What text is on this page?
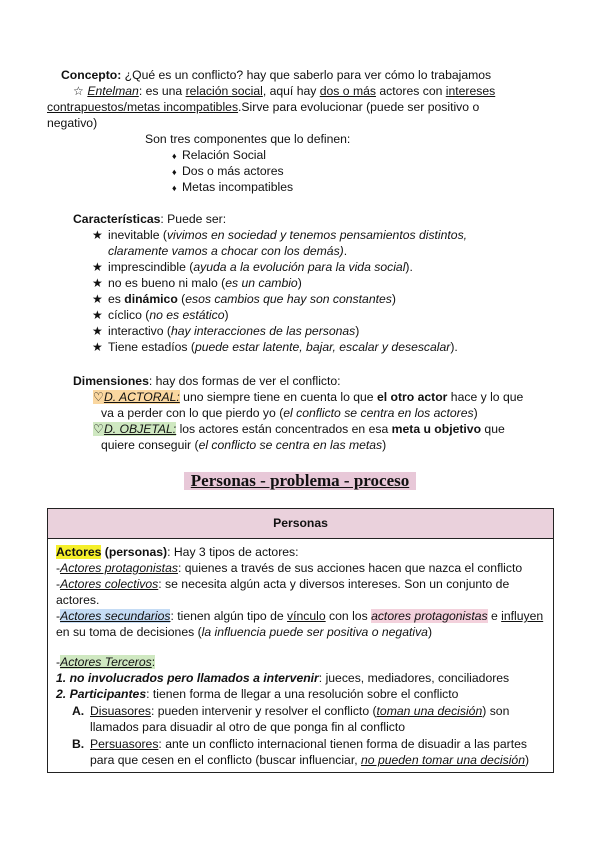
Concepto: ¿Qué es un conflicto? hay que saberlo para ver cómo lo trabajamos
☆ Entelman: es una relación social, aquí hay dos o más actores con intereses
contrapuestos/metas incompatibles.Sirve para evolucionar (puede ser positivo o
negativo)
Son tres componentes que lo definen:
♦ Relación Social
♦ Dos o más actores
♦ Metas incompatibles
Características: Puede ser:
★ inevitable (vivimos en sociedad y tenemos pensamientos distintos,
claramente vamos a chocar con los demás).
★ imprescindible (ayuda a la evolución para la vida social).
★ no es bueno ni malo (es un cambio)
★ es dinámico (esos cambios que hay son constantes)
★ cíclico (no es estático)
★ interactivo (hay interacciones de las personas)
★ Tiene estadíos (puede estar latente, bajar, escalar y desescalar).
Dimensiones: hay dos formas de ver el conflicto:
♡D. ACTORAL: uno siempre tiene en cuenta lo que el otro actor hace y lo que
va a perder con lo que pierdo yo (el conflicto se centra en los actores)
♡D. OBJETAL: los actores están concentrados en esa meta u objetivo que
quiere conseguir (el conflicto se centra en las metas)
Personas - problema - proceso
Personas
Actores (personas): Hay 3 tipos de actores:
-Actores protagonistas: quienes a través de sus acciones hacen que nazca el conflicto
-Actores colectivos: se necesita algún acta y diversos intereses. Son un conjunto de
actores.
-Actores secundarios: tienen algún tipo de vínculo con los actores protagonistas e influyen
en su toma de decisiones (la influencia puede ser positiva o negativa)
-Actores Terceros:
1. no involucrados pero llamados a intervenir: jueces, mediadores, conciliadores
2. Participantes: tienen forma de llegar a una resolución sobre el conflicto
A. Disuasores: pueden intervenir y resolver el conflicto (toman una decisión) son
llamados para disuadir al otro de que ponga fin al conflicto
B. Persuasores: ante un conflicto internacional tienen forma de disuadir a las partes
para que cesen en el conflicto (buscar influenciar, no pueden tomar una decisión)
